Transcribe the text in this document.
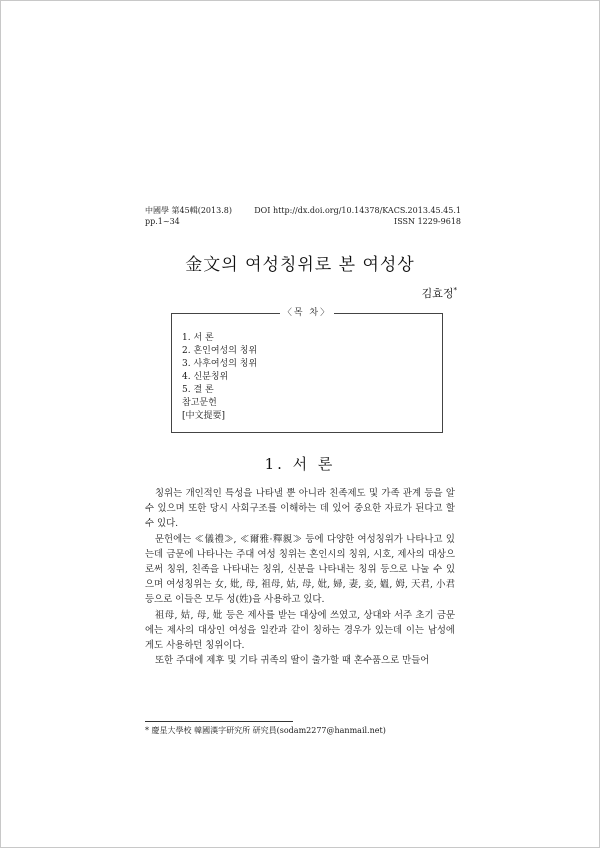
中國學 第45輯(2013.8)
pp.1~34
DOI http://dx.doi.org/10.14378/KACS.2013.45.45.1
ISSN 1229-9618
金文의 여성칭위로 본 여성상
김효정*
〈목 차〉
1. 서 론
2. 혼인여성의 칭위
3. 사후여성의 칭위
4. 신분칭위
5. 결 론
참고문헌
[中文提要]
1. 서 론

칭위는 개인적인 특성을 나타낼 뿐 아니라 친족제도 및 가족 관계 등을 알 수 있으며 또한 당시 사회구조를 이해하는 데 있어 중요한 자료가 된다고 할 수 있다.

문헌에는 ≪儀禮≫, ≪爾雅·釋親≫ 등에 다양한 여성칭위가 나타나고 있는데 금문에 나타나는 주대 여성 칭위는 혼인시의 칭위, 시호, 제사의 대상으로써 칭위, 친족을 나타내는 칭위, 신분을 나타내는 칭위 등으로 나눌 수 있으며 여성칭위는 女, 妣, 母, 祖母, 姑, 母, 妣, 婦, 妻, 妾, 媼, 姆, 天君, 小君 등으로 이들은 모두 성(姓)을 사용하고 있다.

祖母, 姑, 母, 妣 등은 제사를 받는 대상에 쓰였고, 상대와 서주 초기 금문에는 제사의 대상인 여성을 일칸과 같이 칭하는 경우가 있는데 이는 남성에게도 사용하던 칭위이다.

또한 주대에 제후 및 기타 귀족의 딸이 출가할 때 혼수품으로 만들어

* 慶星大學校 韓國漢字研究所 研究員(sodam2277@hanmail.net)
